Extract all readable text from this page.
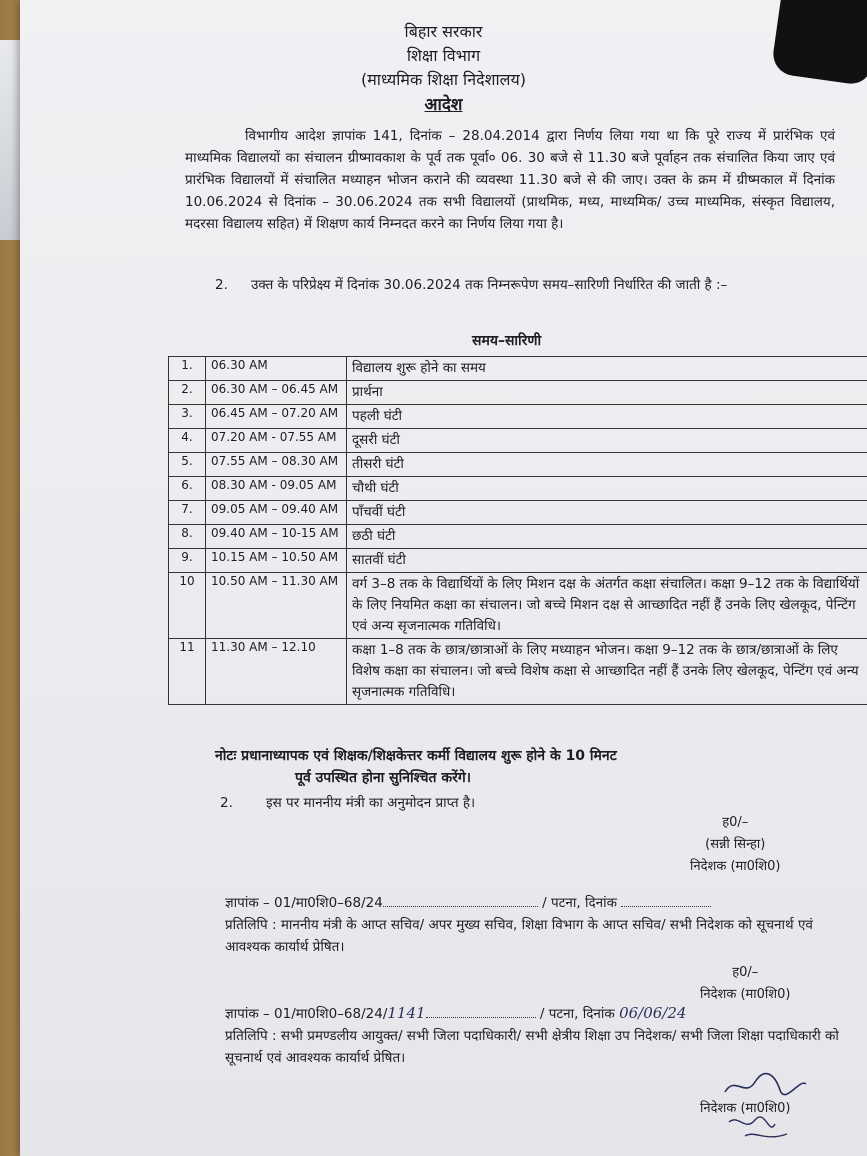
बिहार सरकार
शिक्षा विभाग
(माध्यमिक शिक्षा निदेशालय)
आदेश
विभागीय आदेश ज्ञापांक 141, दिनांक – 28.04.2014 द्वारा निर्णय लिया गया था कि पूरे राज्य में प्रारंभिक एवं माध्यमिक विद्यालयों का संचालन ग्रीष्मावकाश के पूर्व तक पूर्वा० 06. 30 बजे से 11.30 बजे पूर्वाहन तक संचालित किया जाए एवं प्रारंभिक विद्यालयों में संचालित मध्याहन भोजन कराने की व्यवस्था 11.30 बजे से की जाए। उक्त के क्रम में ग्रीष्मकाल में दिनांक 10.06.2024 से दिनांक – 30.06.2024 तक सभी विद्यालयों (प्राथमिक, मध्य, माध्यमिक/ उच्च माध्यमिक, संस्कृत विद्यालय, मदरसा विद्यालय सहित) में शिक्षण कार्य निम्नदत करने का निर्णय लिया गया है।
2. उक्त के परिप्रेक्ष्य में दिनांक 30.06.2024 तक निम्नरूपेण समय–सारिणी निर्धारित की जाती है :–
समय–सारिणी
1.	06.30 AM	विद्यालय शुरू होने का समय
2.	06.30 AM – 06.45 AM	प्रार्थना
3.	06.45 AM – 07.20 AM	पहली घंटी
4.	07.20 AM - 07.55 AM	दूसरी घंटी
5.	07.55 AM – 08.30 AM	तीसरी घंटी
6.	08.30 AM - 09.05 AM	चौथी घंटी
7.	09.05 AM – 09.40 AM	पाँचवीं घंटी
8.	09.40 AM – 10-15 AM	छठी घंटी
9.	10.15 AM – 10.50 AM	सातवीं घंटी
10	10.50 AM – 11.30 AM	वर्ग 3–8 तक के विद्यार्थियों के लिए मिशन दक्ष के अंतर्गत कक्षा संचालित। कक्षा 9–12 तक के विद्यार्थियों के लिए नियमित कक्षा का संचालन। जो बच्चे मिशन दक्ष से आच्छादित नहीं हैं उनके लिए खेलकूद, पेन्टिंग एवं अन्य सृजनात्मक गतिविधि।
11	11.30 AM – 12.10	कक्षा 1–8 तक के छात्र/छात्राओं के लिए मध्याहन भोजन। कक्षा 9–12 तक के छात्र/छात्राओं के लिए विशेष कक्षा का संचालन। जो बच्चे विशेष कक्षा से आच्छादित नहीं हैं उनके लिए खेलकूद, पेन्टिंग एवं अन्य सृजनात्मक गतिविधि।
नोटः प्रधानाध्यापक एवं शिक्षक/शिक्षकेत्तर कर्मी विद्यालय शुरू होने के 10 मिनट
पूर्व उपस्थित होना सुनिश्चित करेंगे।
2. इस पर माननीय मंत्री का अनुमोदन प्राप्त है।
ह0/–
(सन्नी सिन्हा)
निदेशक (मा0शि0)
ज्ञापांक – 01/मा0शि0–68/24	/ पटना, दिनांक
प्रतिलिपि : माननीय मंत्री के आप्त सचिव/ अपर मुख्य सचिव, शिक्षा विभाग के आप्त सचिव/ सभी निदेशक को सूचनार्थ एवं आवश्यक कार्यार्थ प्रेषित।
ह0/–
निदेशक (मा0शि0)
ज्ञापांक – 01/मा0शि0–68/24/1141	/ पटना, दिनांक 06/06/24
प्रतिलिपि : सभी प्रमण्डलीय आयुक्त/ सभी जिला पदाधिकारी/ सभी क्षेत्रीय शिक्षा उप निदेशक/ सभी जिला शिक्षा पदाधिकारी को सूचनार्थ एवं आवश्यक कार्यार्थ प्रेषित।
निदेशक (मा0शि0)
